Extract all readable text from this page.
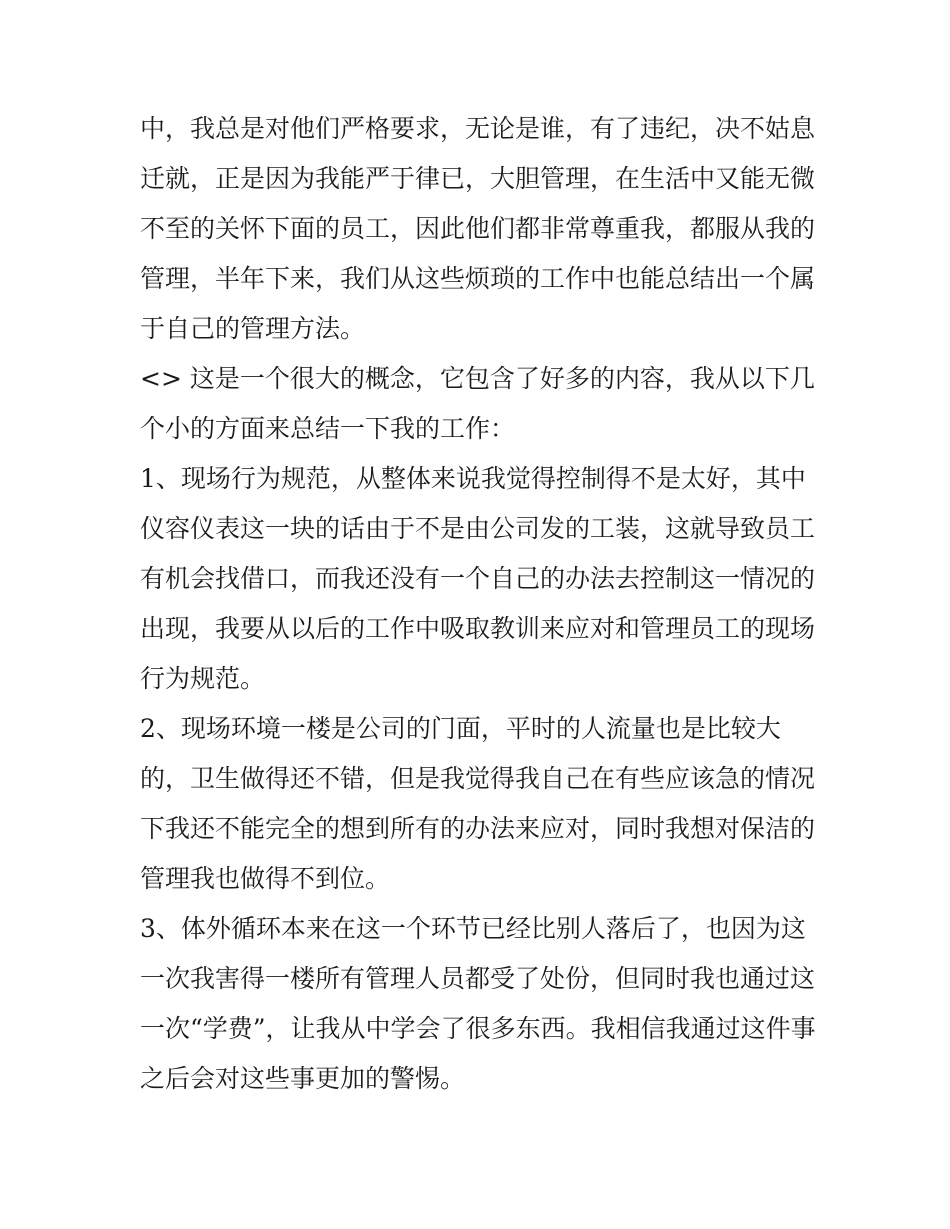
中，我总是对他们严格要求，无论是谁，有了违纪，决不姑息
迁就，正是因为我能严于律已，大胆管理，在生活中又能无微
不至的关怀下面的员工，因此他们都非常尊重我，都服从我的
管理，半年下来，我们从这些烦琐的工作中也能总结出一个属
于自己的管理方法。
<> 这是一个很大的概念，它包含了好多的内容，我从以下几
个小的方面来总结一下我的工作：
1、现场行为规范，从整体来说我觉得控制得不是太好，其中
仪容仪表这一块的话由于不是由公司发的工装，这就导致员工
有机会找借口，而我还没有一个自己的办法去控制这一情况的
出现，我要从以后的工作中吸取教训来应对和管理员工的现场
行为规范。
2、现场环境一楼是公司的门面，平时的人流量也是比较大
的，卫生做得还不错，但是我觉得我自己在有些应该急的情况
下我还不能完全的想到所有的办法来应对，同时我想对保洁的
管理我也做得不到位。
3、体外循环本来在这一个环节已经比别人落后了，也因为这
一次我害得一楼所有管理人员都受了处份，但同时我也通过这
一次“学费”，让我从中学会了很多东西。我相信我通过这件事
之后会对这些事更加的警惕。
